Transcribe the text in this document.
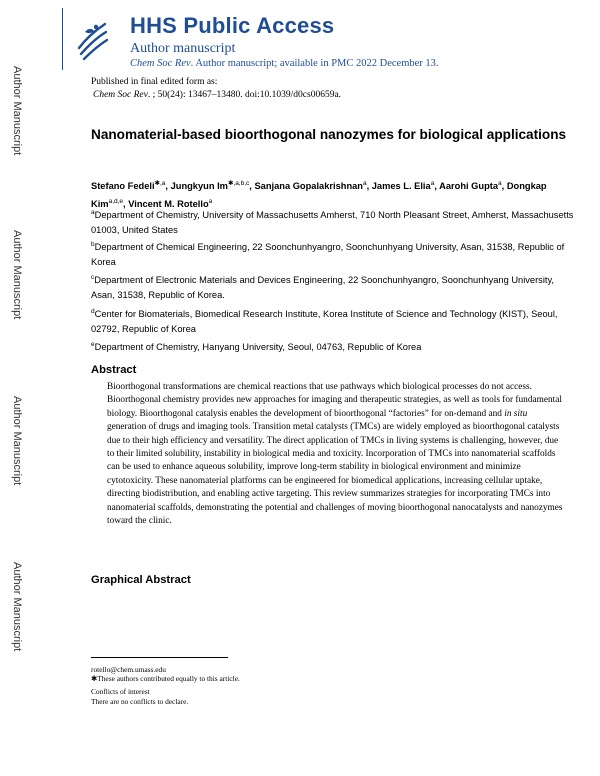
Author Manuscript
Author Manuscript
Author Manuscript
Author Manuscript
HHS Public Access
Author manuscript
Chem Soc Rev. Author manuscript; available in PMC 2022 December 13.
Published in final edited form as:
Chem Soc Rev. ; 50(24): 13467–13480. doi:10.1039/d0cs00659a.
Nanomaterial-based bioorthogonal nanozymes for biological applications
Stefano Fedeli$^{✱,a}$, Jungkyun $Im^{✱,a,b,c}$, Sanjana Gopalakrishnan$^a$, James L. Elia$^a$, Aarohi Gupta$^a$, Dongkap Kim$^{a,d,e}$, Vincent M. Rotello$^a$
$^a$Department of Chemistry, University of Massachusetts Amherst, 710 North Pleasant Street, Amherst, Massachusetts 01003, United States
$^b$Department of Chemical Engineering, 22 Soonchunhyangro, Soonchunhyang University, Asan, 31538, Republic of Korea
$^c$Department of Electronic Materials and Devices Engineering, 22 Soonchunhyangro, Soonchunhyang University, Asan, 31538, Republic of Korea.
$^d$Center for Biomaterials, Biomedical Research Institute, Korea Institute of Science and Technology (KIST), Seoul, 02792, Republic of Korea
$^e$Department of Chemistry, Hanyang University, Seoul, 04763, Republic of Korea
Abstract
Bioorthogonal transformations are chemical reactions that use pathways which biological processes do not access. Bioorthogonal chemistry provides new approaches for imaging and therapeutic strategies, as well as tools for fundamental biology. Bioorthogonal catalysis enables the development of bioorthogonal “factories” for on-demand and in situ generation of drugs and imaging tools. Transition metal catalysts (TMCs) are widely employed as bioorthogonal catalysts due to their high efficiency and versatility. The direct application of TMCs in living systems is challenging, however, due to their limited solubility, instability in biological media and toxicity. Incorporation of TMCs into nanomaterial scaffolds can be used to enhance aqueous solubility, improve long-term stability in biological environment and minimize cytotoxicity. These nanomaterial platforms can be engineered for biomedical applications, increasing cellular uptake, directing biodistribution, and enabling active targeting. This review summarizes strategies for incorporating TMCs into nanomaterial scaffolds, demonstrating the potential and challenges of moving bioorthogonal nanocatalysts and nanozymes toward the clinic.
Graphical Abstract
rotello@chem.umass.edu
✱These authors contributed equally to this article.
Conflicts of interest
There are no conflicts to declare.
